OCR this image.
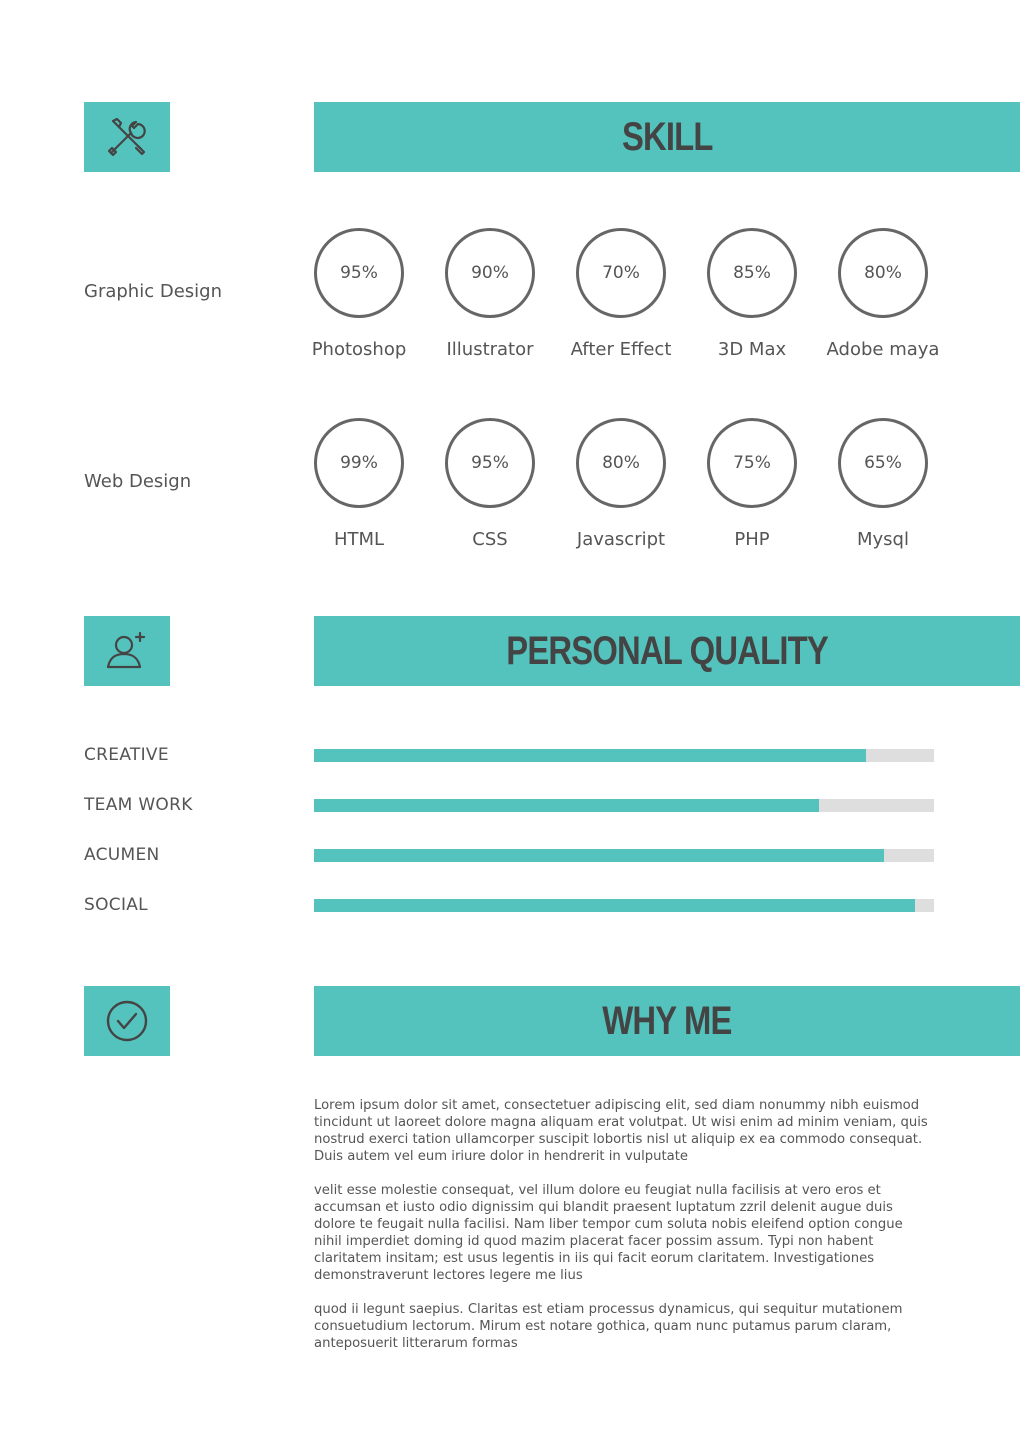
SKILL
Graphic Design
95%	90%	70%	85%	80%
Photoshop	Illustrator	After Effect	3D Max	Adobe maya
Web Design
99%	95%	80%	75%	65%
HTML	CSS	Javascript	PHP	Mysql
PERSONAL QUALITY
CREATIVE
TEAM WORK
ACUMEN
SOCIAL
WHY ME

Lorem ipsum dolor sit amet, consectetuer adipiscing elit, sed diam nonummy nibh euismod tincidunt ut laoreet dolore magna aliquam erat volutpat. Ut wisi enim ad minim veniam, quis nostrud exerci tation ullamcorper suscipit lobortis nisl ut aliquip ex ea commodo consequat. Duis autem vel eum iriure dolor in hendrerit in vulputate

velit esse molestie consequat, vel illum dolore eu feugiat nulla facilisis at vero eros et accumsan et iusto odio dignissim qui blandit praesent luptatum zzril delenit augue duis dolore te feugait nulla facilisi. Nam liber tempor cum soluta nobis eleifend option congue nihil imperdiet doming id quod mazim placerat facer possim assum. Typi non habent claritatem insitam; est usus legentis in iis qui facit eorum claritatem. Investigationes demonstraverunt lectores legere me lius

quod ii legunt saepius. Claritas est etiam processus dynamicus, qui sequitur mutationem consuetudium lectorum. Mirum est notare gothica, quam nunc putamus parum claram, anteposuerit litterarum formas
